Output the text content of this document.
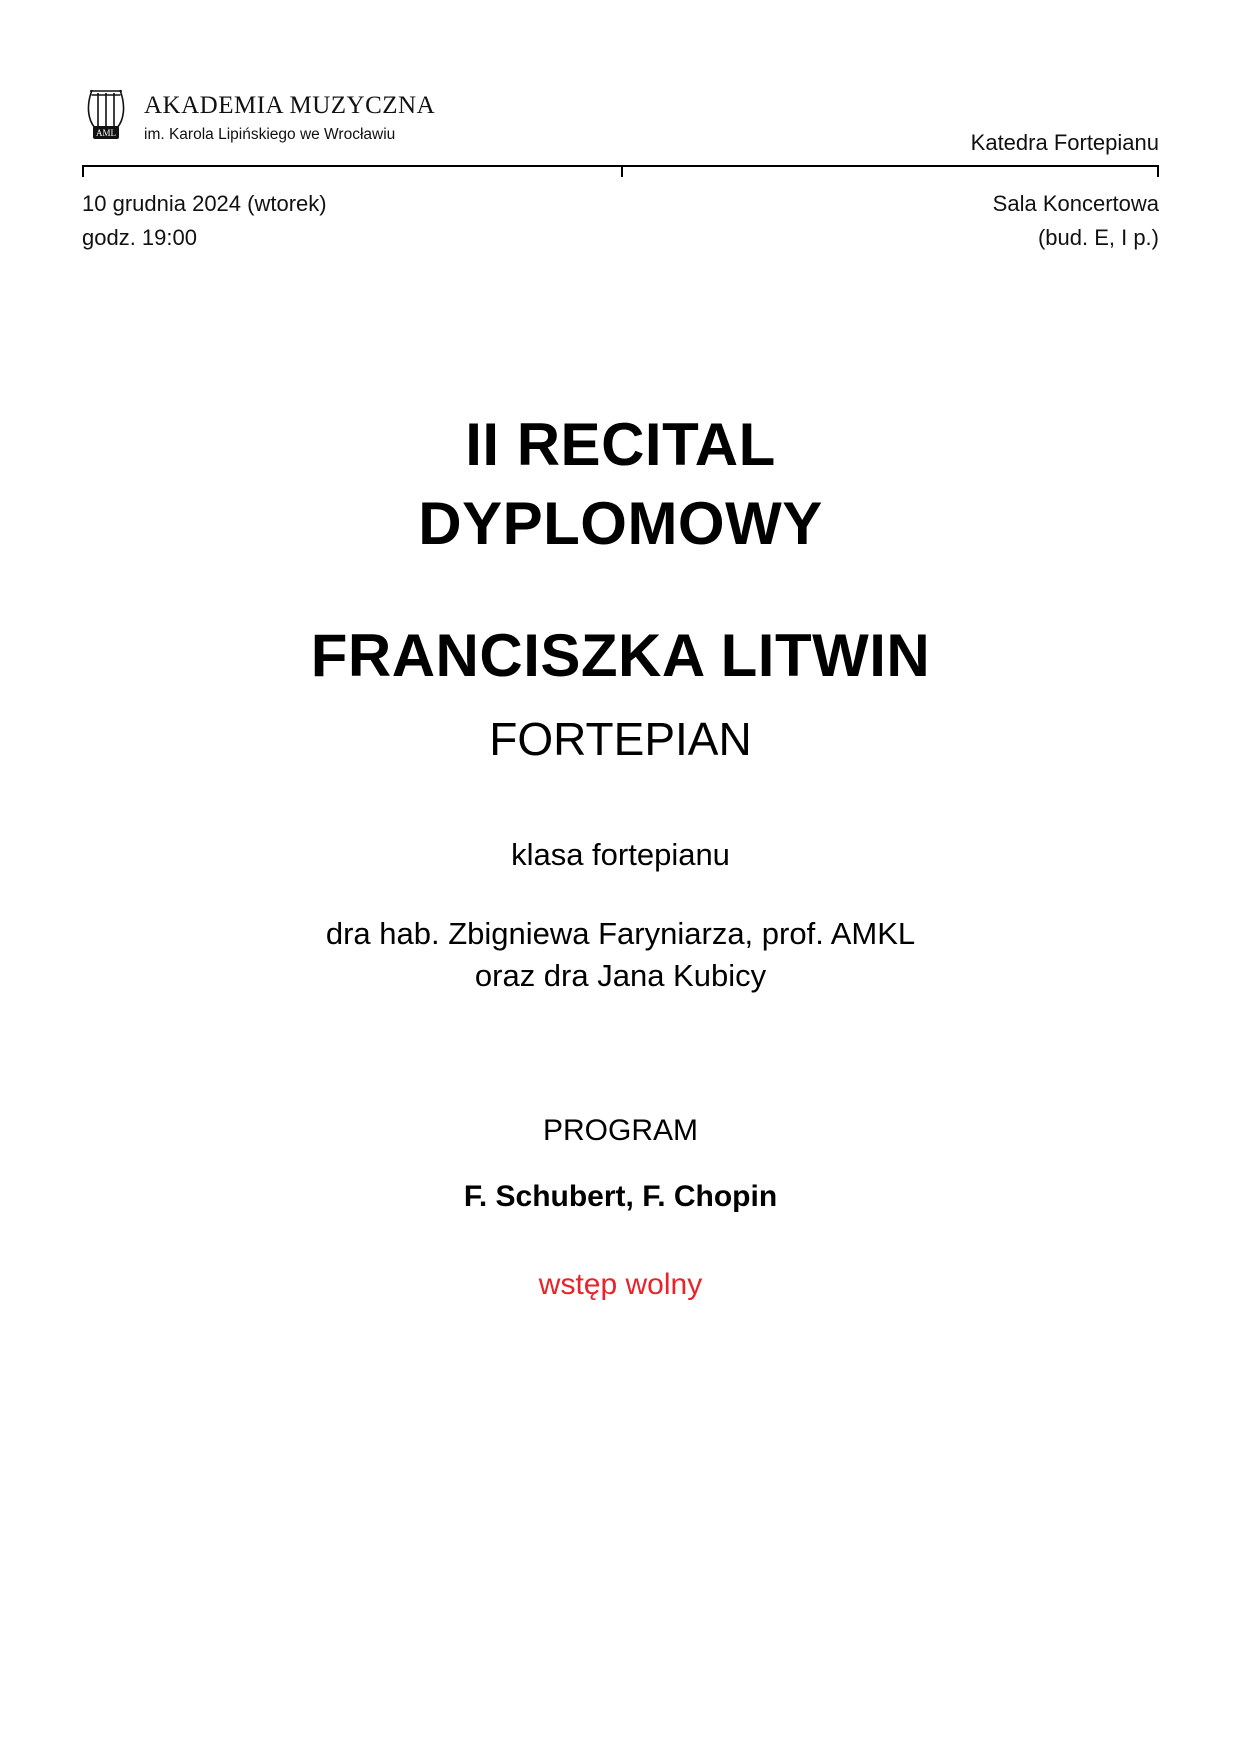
AML
AKADEMIA MUZYCZNA
im. Karola Lipińskiego we Wrocławiu	Katedra Fortepianu
10 grudnia 2024 (wtorek)
godz. 19:00
Sala Koncertowa
(bud. E, I p.)
II RECITAL
DYPLOMOWY
FRANCISZKA LITWIN
FORTEPIAN
klasa fortepianu
dra hab. Zbigniewa Faryniarza, prof. AMKL
oraz dra Jana Kubicy
PROGRAM
F. Schubert, F. Chopin
wstęp wolny
